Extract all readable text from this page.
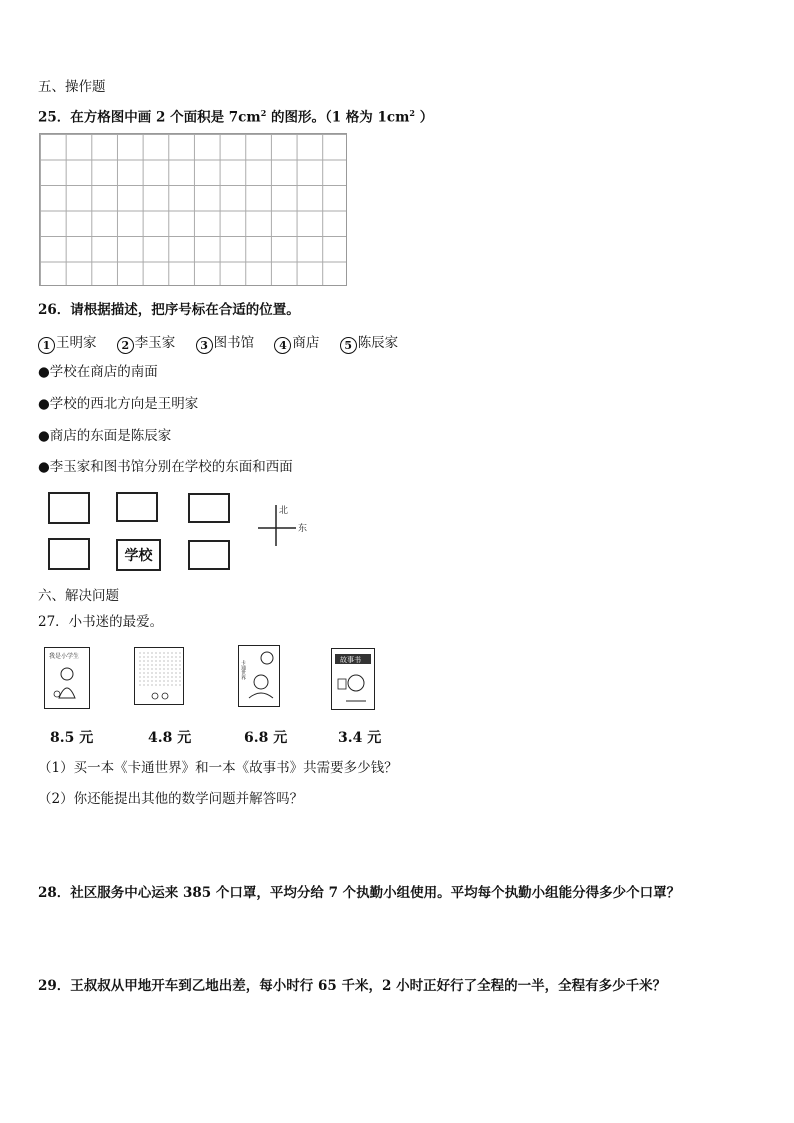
五、操作题
25．在方格图中画 2 个面积是 $7cm^2$ 的图形。（1 格为 $1cm^2$ ）
26．请根据描述，把序号标在合适的位置。
1 王明家 2 李玉家 3 图书馆 4 商店 5 陈辰家
●学校在商店的南面
●学校的西北方向是王明家
●商店的东面是陈辰家
●李玉家和图书馆分别在学校的东面和西面
学校
北
东
六、解决问题
27．小书迷的最爱。
我是小学生
卡通世界	故事书
8.5 元	4.8 元	6.8 元	3.4 元
（1）买一本《卡通世界》和一本《故事书》共需要多少钱？
（2）你还能提出其他的数学问题并解答吗？
28．社区服务中心运来 385 个口罩，平均分给 7 个执勤小组使用。平均每个执勤小组能分得多少个口罩？
29．王叔叔从甲地开车到乙地出差，每小时行 65 千米，2 小时正好行了全程的一半，全程有多少千米？
